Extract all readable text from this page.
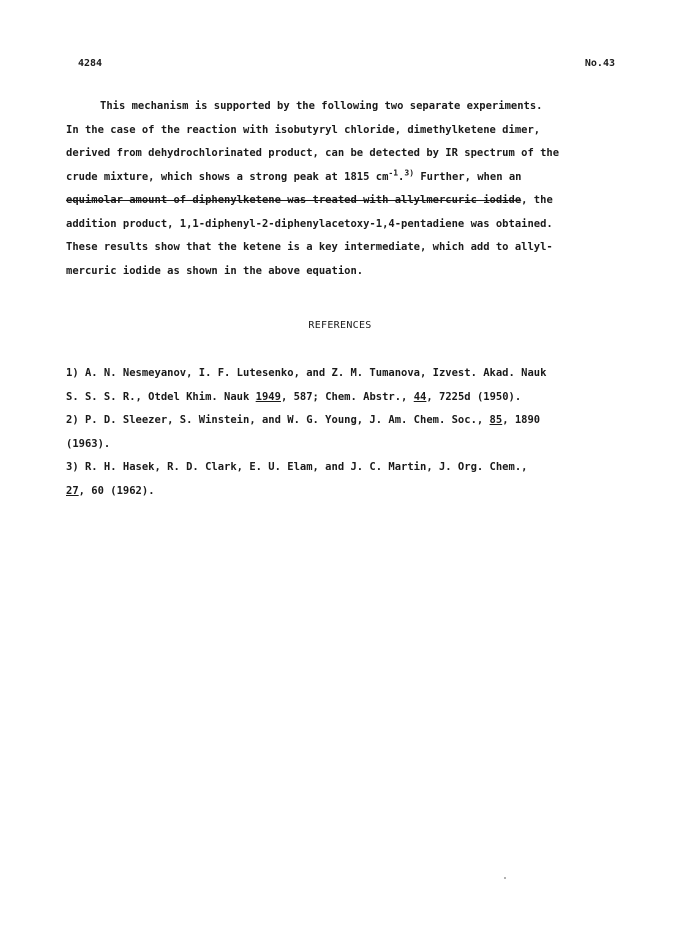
4284	No.43
This mechanism is supported by the following two separate experiments.
In the case of the reaction with isobutyryl chloride, dimethylketene dimer,
derived from dehydrochlorinated product, can be detected by IR spectrum of the
crude mixture, which shows a strong peak at 1815 $cm^{-1}.^{3)}$ Further, when an
equimolar amount of diphenylketene was treated with allylmercuric iodide, the
addition product, 1,1-diphenyl-2-diphenylacetoxy-1,4-pentadiene was obtained.
These results show that the ketene is a key intermediate, which add to allyl-
mercuric iodide as shown in the above equation.
REFERENCES
1) A. N. Nesmeyanov, I. F. Lutesenko, and Z. M. Tumanova, Izvest. Akad. Nauk
S. S. S. R., Otdel Khim. Nauk 1949, 587; Chem. Abstr., 44, 7225d (1950).
2) P. D. Sleezer, S. Winstein, and W. G. Young, J. Am. Chem. Soc., 85, 1890
(1963).
3) R. H. Hasek, R. D. Clark, E. U. Elam, and J. C. Martin, J. Org. Chem.,
27, 60 (1962).
